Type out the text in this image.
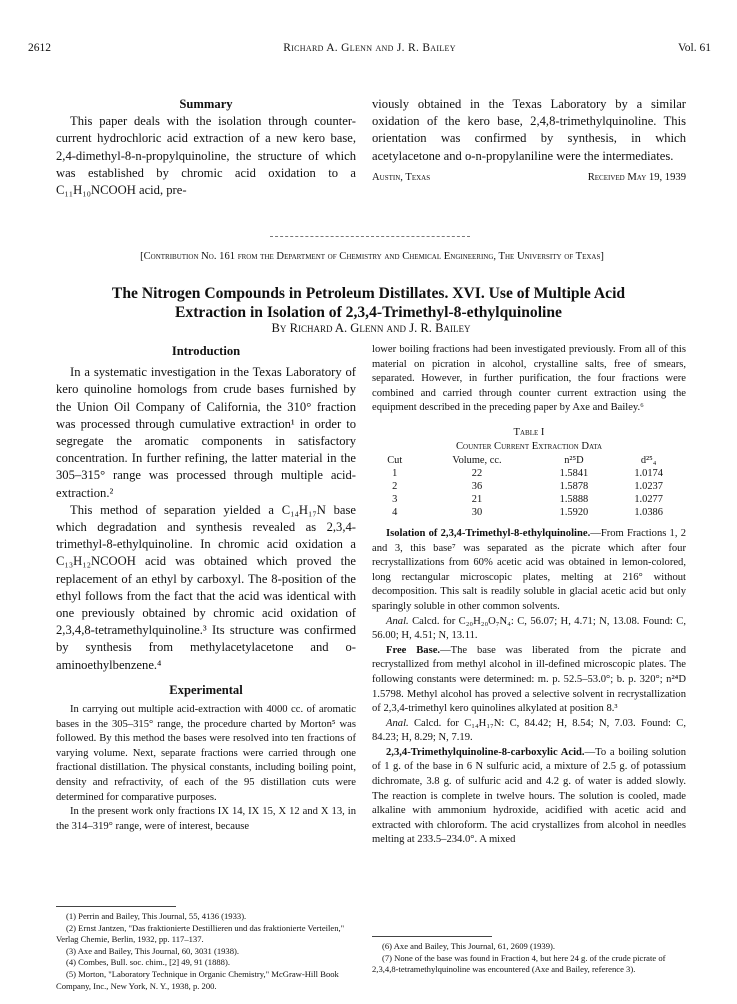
2612	Richard A. Glenn and J. R. Bailey	Vol. 61

Summary

This paper deals with the isolation through counter-current hydrochloric acid extraction of a new kero base, 2,4-dimethyl-8-n-propylquinoline, the structure of which was established by chromic acid oxidation to a C₁₁H₁₀NCOOH acid, pre-

viously obtained in the Texas Laboratory by a similar oxidation of the kero base, 2,4,8-trimethylquinoline. This orientation was confirmed by synthesis, in which acetylacetone and o-n-propylaniline were the intermediates.

Austin, Texas	Received May 19, 1939
[Contribution No. 161 from the Department of Chemistry and Chemical Engineering, The University of Texas]
The Nitrogen Compounds in Petroleum Distillates. XVI. Use of Multiple Acid
Extraction in Isolation of 2,3,4-Trimethyl-8-ethylquinoline
By Richard A. Glenn and J. R. Bailey

Introduction

In a systematic investigation in the Texas Laboratory of kero quinoline homologs from crude bases furnished by the Union Oil Company of California, the 310° fraction was processed through cumulative extraction¹ in order to segregate the aromatic components in satisfactory concentration. In further refining, the latter material in the 305–315° range was processed through multiple acid-extraction.²

This method of separation yielded a C₁₄H₁₇N base which degradation and synthesis revealed as 2,3,4-trimethyl-8-ethylquinoline. In chromic acid oxidation a C₁₃H₁₂NCOOH acid was obtained which proved the replacement of an ethyl by carboxyl. The 8-position of the ethyl follows from the fact that the acid was identical with one previously obtained by chromic acid oxidation of 2,3,4,8-tetramethylquinoline.³ Its structure was confirmed by synthesis from methylacetylacetone and o-aminoethylbenzene.⁴

Experimental

In carrying out multiple acid-extraction with 4000 cc. of aromatic bases in the 305–315° range, the procedure charted by Morton⁵ was followed. By this method the bases were resolved into ten fractions of varying volume. Next, separate fractions were carried through one fractional distillation. The physical constants, including boiling point, density and refractivity, of each of the 95 distillation cuts were determined for comparative purposes.

In the present work only fractions IX 14, IX 15, X 12 and X 13, in the 314–319° range, were of interest, because

(1) Perrin and Bailey, This Journal, 55, 4136 (1933).

(2) Ernst Jantzen, "Das fraktionierte Destillieren und das fraktionierte Verteilen," Verlag Chemie, Berlin, 1932, pp. 117–137.

(3) Axe and Bailey, This Journal, 60, 3031 (1938).

(4) Combes, Bull. soc. chim., [2] 49, 91 (1888).

(5) Morton, "Laboratory Technique in Organic Chemistry," McGraw-Hill Book Company, Inc., New York, N. Y., 1938, p. 200.

lower boiling fractions had been investigated previously. From all of this material on picration in alcohol, crystalline salts, free of smears, separated. However, in further purification, the four fractions were combined and carried through counter current extraction using the equipment described in the preceding paper by Axe and Bailey.⁶

Table I
Counter Current Extraction Data
Cut	Volume, cc.	n²⁵D	d²⁵₄
1	22	1.5841	1.0174
2	36	1.5878	1.0237
3	21	1.5888	1.0277
4	30	1.5920	1.0386

Isolation of 2,3,4-Trimethyl-8-ethylquinoline.—From Fractions 1, 2 and 3, this base⁷ was separated as the picrate which after four recrystallizations from 60% acetic acid was obtained in lemon-colored, long rectangular microscopic plates, melting at 216° without decomposition. This salt is readily soluble in glacial acetic acid but only sparingly soluble in other common solvents.

Anal. Calcd. for C₂₀H₂₀O₇N₄: C, 56.07; H, 4.71; N, 13.08. Found: C, 56.00; H, 4.51; N, 13.11.

Free Base.—The base was liberated from the picrate and recrystallized from methyl alcohol in ill-defined microscopic plates. The following constants were determined: m. p. 52.5–53.0°; b. p. 320°; n²⁴D 1.5798. Methyl alcohol has proved a selective solvent in recrystallization of 2,3,4-trimethyl kero quinolines alkylated at position 8.³

Anal. Calcd. for C₁₄H₁₇N: C, 84.42; H, 8.54; N, 7.03. Found: C, 84.23; H, 8.29; N, 7.19.

2,3,4-Trimethylquinoline-8-carboxylic Acid.—To a boiling solution of 1 g. of the base in 6 N sulfuric acid, a mixture of 2.5 g. of potassium dichromate, 3.8 g. of sulfuric acid and 4.2 g. of water is added slowly. The reaction is complete in twelve hours. The solution is cooled, made alkaline with ammonium hydroxide, acidified with acetic acid and extracted with chloroform. The acid crystallizes from alcohol in needles melting at 233.5–234.0°. A mixed

(6) Axe and Bailey, This Journal, 61, 2609 (1939).

(7) None of the base was found in Fraction 4, but here 24 g. of the crude picrate of 2,3,4,8-tetramethylquinoline was encountered (Axe and Bailey, reference 3).
